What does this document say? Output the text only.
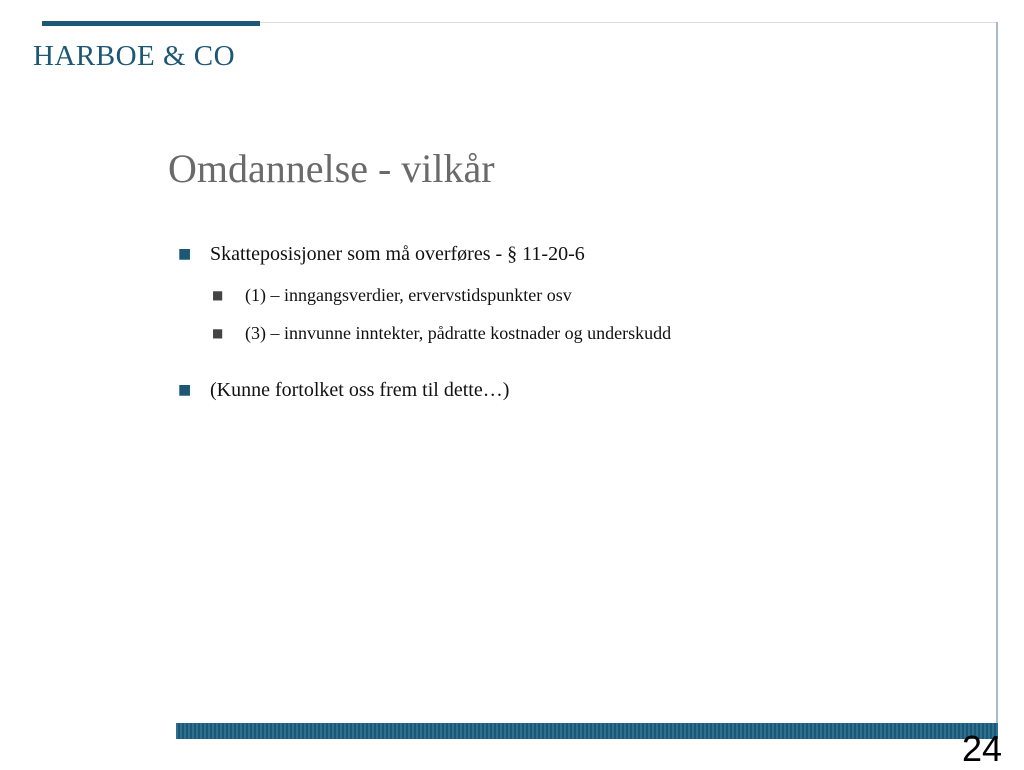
HARBOE & CO
Omdannelse - vilkår
■ Skatteposisjoner som må overføres - § 11-20-6
■ (1) – inngangsverdier, ervervstidspunkter osv
■ (3) – innvunne inntekter, pådratte kostnader og underskudd
■ (Kunne fortolket oss frem til dette…)
24
